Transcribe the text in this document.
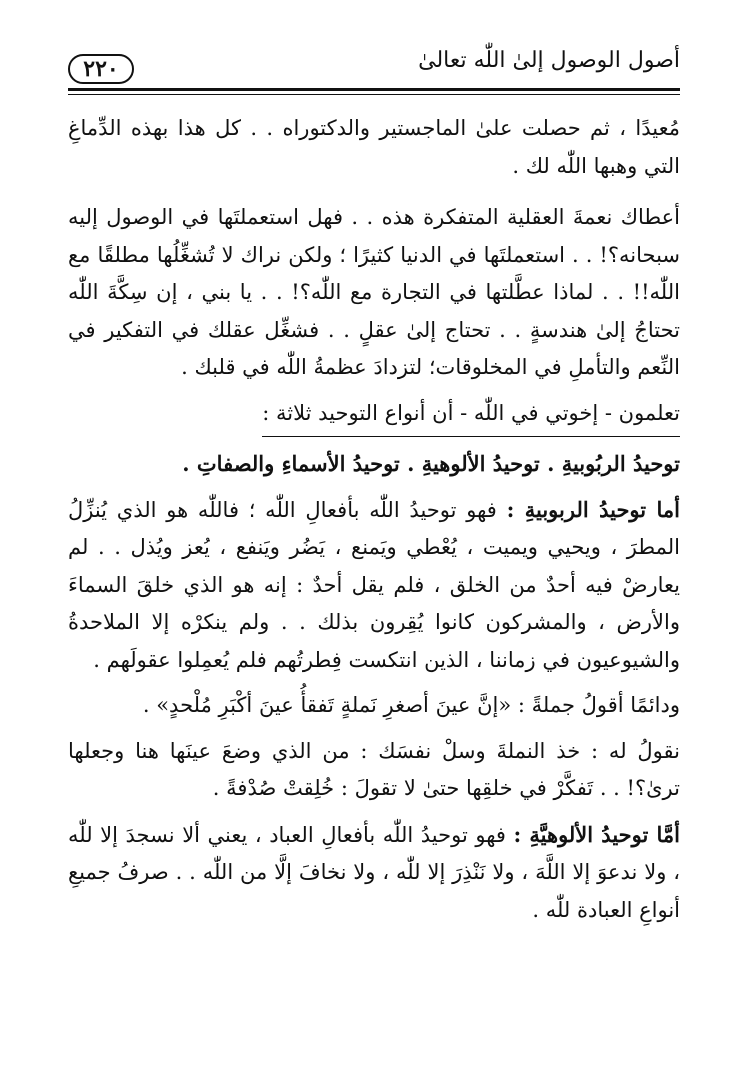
أصول الوصول إلىٰ اللّٰه تعالىٰ
٢٢٠

مُعيدًا ، ثم حصلت علىٰ الماجستير والدكتوراه . . كل هذا بهذه الدِّماغِ التي وهبها اللّٰه لك .

أعطاك نعمةَ العقلية المتفكرة هذه . . فهل استعملتَها في الوصول إليه سبحانه؟! . . استعملتَها في الدنيا كثيرًا ؛ ولكن نراك لا تُشغِّلُها مطلقًا مع اللّٰه!! . . لماذا عطَّلتها في التجارة مع اللّٰه؟! . . يا بني ، إن سِكَّةَ اللّٰه تحتاجُ إلىٰ هندسةٍ . . تحتاج إلىٰ عقلٍ . . فشغِّل عقلك في التفكير في النِّعم والتأملِ في المخلوقات؛ لتزدادَ عظمةُ اللّٰه في قلبك .

تعلمون - إخوتي في اللّٰه - أن أنواع التوحيد ثلاثة :

توحيدُ الربُوبيةِ . توحيدُ الألوهيةِ . توحيدُ الأسماءِ والصفاتِ .

أما توحيدُ الربوبيةِ : فهو توحيدُ اللّٰه بأفعالِ اللّٰه ؛ فاللّٰه هو الذي يُنزِّلُ المطرَ ، ويحيي ويميت ، يُعْطي ويَمنع ، يَضُر ويَنفع ، يُعز ويُذل . . لم يعارضْ فيه أحدٌ من الخلق ، فلم يقل أحدٌ : إنه هو الذي خلقَ السماءَ والأرض ، والمشركون كانوا يُقِرون بذلك . . ولم ينكرْه إلا الملاحدةُ والشيوعيون في زماننا ، الذين انتكست فِطرتُهم فلم يُعمِلوا عقولَهم .

ودائمًا أقولُ جملةً : «إنَّ عينَ أصغرِ نَملةٍ تَفقأُ عينَ أكْبَرِ مُلْحدٍ» .

نقولُ له : خذ النملةَ وسلْ نفسَك : من الذي وضعَ عينَها هنا وجعلها ترىٰ؟! . . تَفكَّرْ في خلقِها حتىٰ لا تقولَ : خُلِقتْ صُدْفةً .

أمَّا توحيدُ الألوهيَّةِ : فهو توحيدُ اللّٰه بأفعالِ العباد ، يعني ألا نسجدَ إلا للّٰه ، ولا ندعوَ إلا اللَّهَ ، ولا نَنْذِرَ إلا للّٰه ، ولا نخافَ إلَّا من اللّٰه . . صرفُ جميعِ أنواعِ العبادة للّٰه .
